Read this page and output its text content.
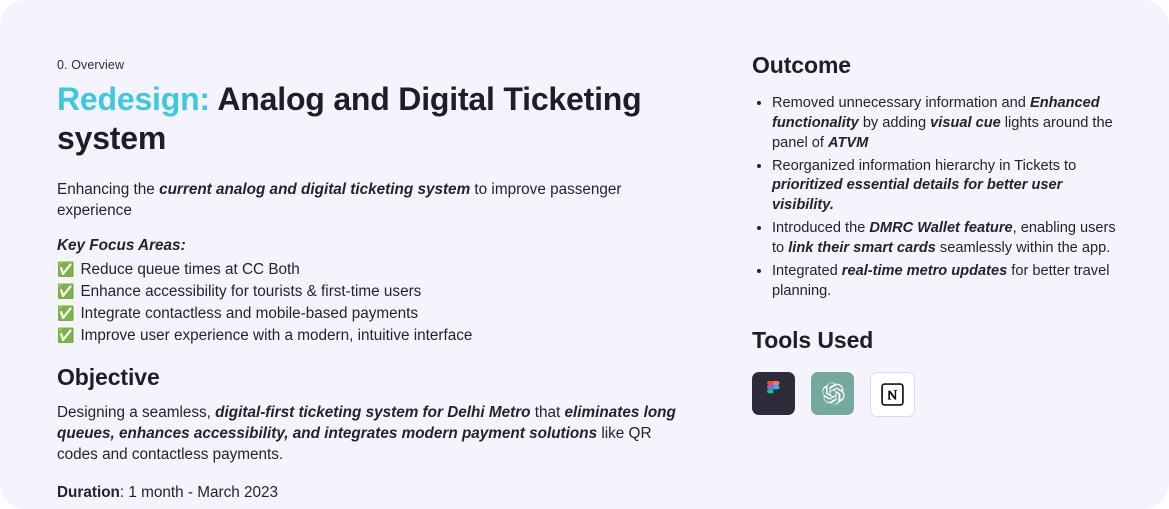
0. Overview

Redesign: Analog and Digital Ticketing system

Enhancing the current analog and digital ticketing system to improve passenger experience

Key Focus Areas:

✅ Reduce queue times at CC Both
✅ Enhance accessibility for tourists & first-time users
✅ Integrate contactless and mobile-based payments
✅ Improve user experience with a modern, intuitive interface
Objective

Designing a seamless, digital-first ticketing system for Delhi Metro that eliminates long queues, enhances accessibility, and integrates modern payment solutions like QR codes and contactless payments.

Duration: 1 month - March 2023

Outcome
• Removed unnecessary information and Enhanced functionality by adding visual cue lights around the panel of ATVM
• Reorganized information hierarchy in Tickets to prioritized essential details for better user visibility.
• Introduced the DMRC Wallet feature, enabling users to link their smart cards seamlessly within the app.
• Integrated real-time metro updates for better travel planning.
Tools Used
